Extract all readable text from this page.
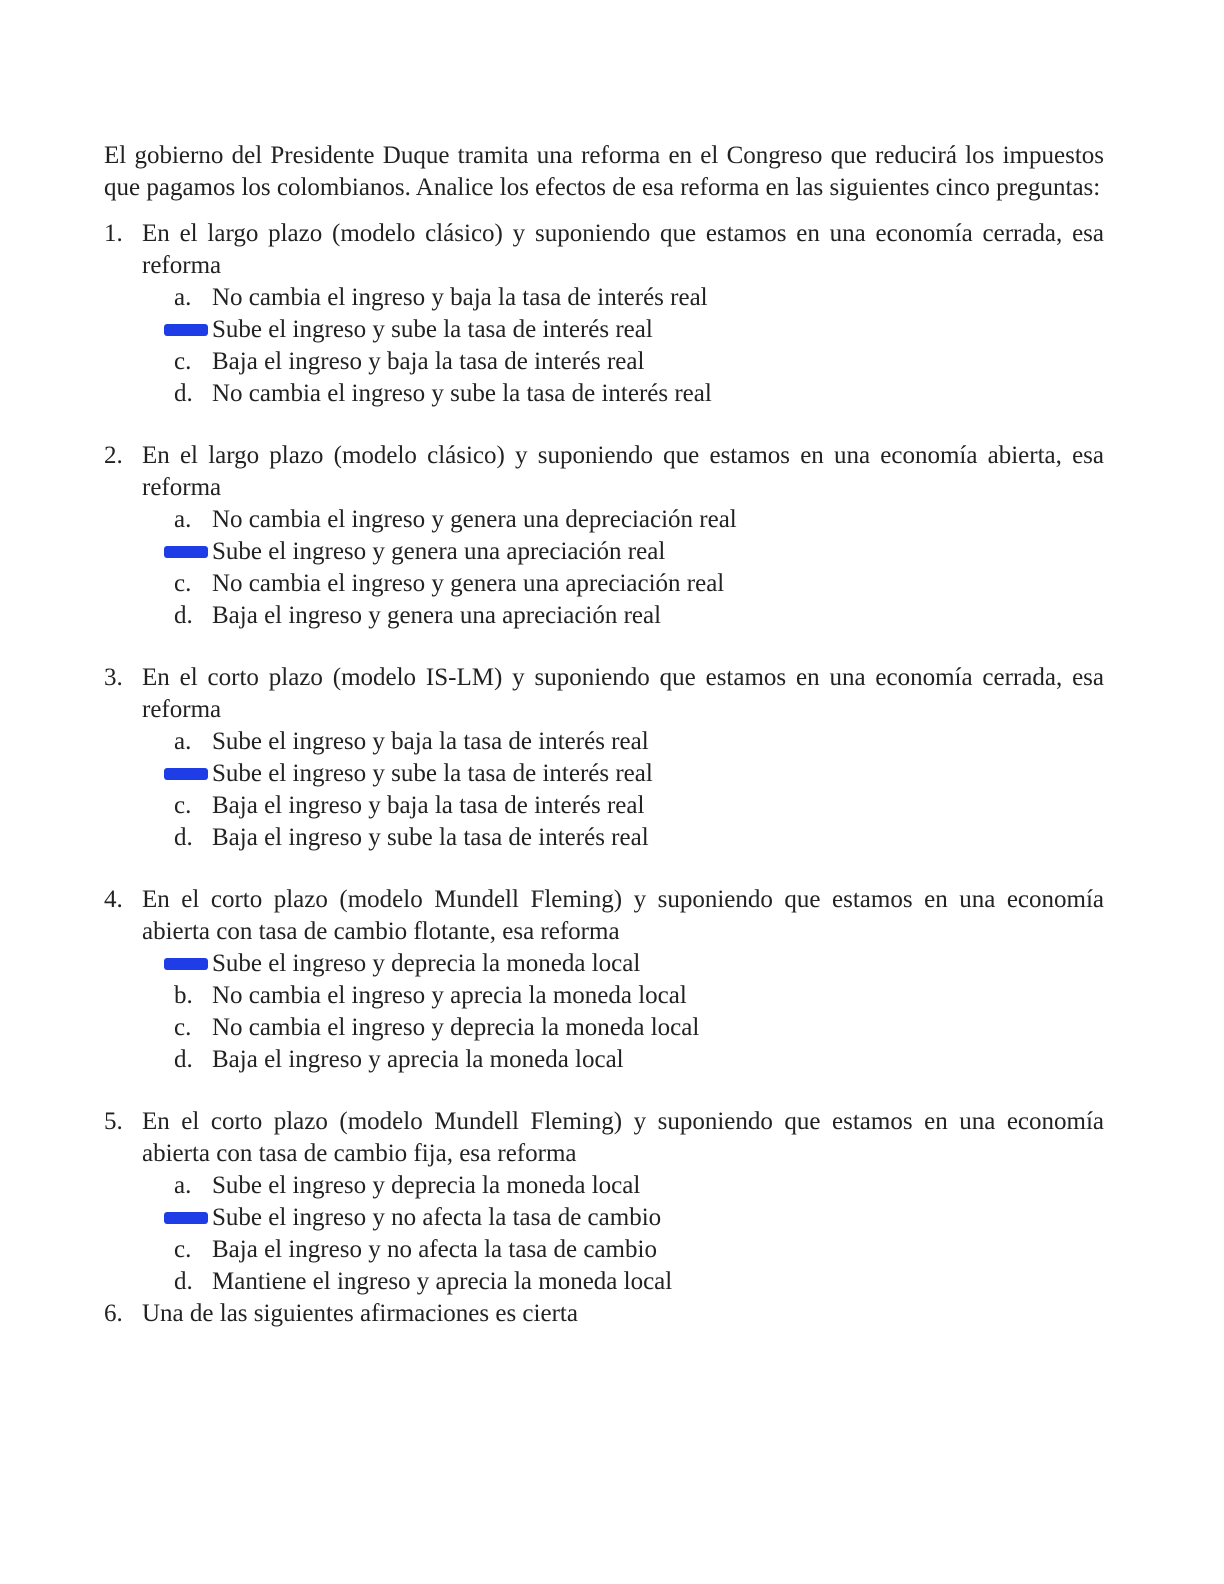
El gobierno del Presidente Duque tramita una reforma en el Congreso que reducirá los impuestos que pagamos los colombianos. Analice los efectos de esa reforma en las siguientes cinco preguntas:

1. En el largo plazo (modelo clásico) y suponiendo que estamos en una economía cerrada, esa reforma
a. No cambia el ingreso y baja la tasa de interés real
Sube el ingreso y sube la tasa de interés real
c. Baja el ingreso y baja la tasa de interés real
d. No cambia el ingreso y sube la tasa de interés real
2. En el largo plazo (modelo clásico) y suponiendo que estamos en una economía abierta, esa reforma
a. No cambia el ingreso y genera una depreciación real
Sube el ingreso y genera una apreciación real
c. No cambia el ingreso y genera una apreciación real
d. Baja el ingreso y genera una apreciación real
3. En el corto plazo (modelo IS-LM) y suponiendo que estamos en una economía cerrada, esa reforma
a. Sube el ingreso y baja la tasa de interés real
Sube el ingreso y sube la tasa de interés real
c. Baja el ingreso y baja la tasa de interés real
d. Baja el ingreso y sube la tasa de interés real
4. En el corto plazo (modelo Mundell Fleming) y suponiendo que estamos en una economía abierta con tasa de cambio flotante, esa reforma
Sube el ingreso y deprecia la moneda local
b. No cambia el ingreso y aprecia la moneda local
c. No cambia el ingreso y deprecia la moneda local
d. Baja el ingreso y aprecia la moneda local
5. En el corto plazo (modelo Mundell Fleming) y suponiendo que estamos en una economía abierta con tasa de cambio fija, esa reforma
a. Sube el ingreso y deprecia la moneda local
Sube el ingreso y no afecta la tasa de cambio
c. Baja el ingreso y no afecta la tasa de cambio
d. Mantiene el ingreso y aprecia la moneda local
6. Una de las siguientes afirmaciones es cierta
